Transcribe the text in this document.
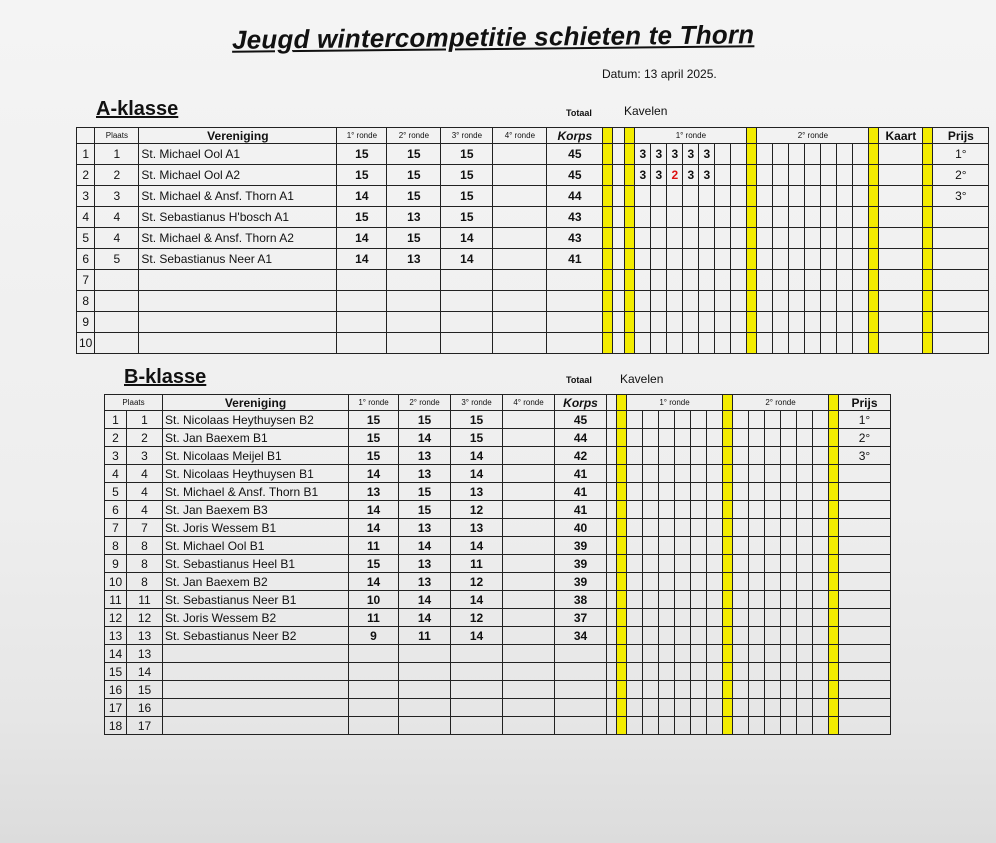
Jeugd wintercompetitie schieten te Thorn
Datum: 13 april 2025.
A-klasse	Totaal	Kavelen
	Plaats	Vereniging	1° ronde	2° ronde	3° ronde	4° ronde	Korps				1° ronde								2° ronde								Kaart		Prijs
1	1	St. Michael Ool A1	15	15	15		45				3	3	3	3	3														1°
2	2	St. Michael Ool A2	15	15	15		45				3	3	2	3	3														2°
3	3	St. Michael & Ansf. Thorn A1	14	15	15		44																						3°
4	4	St. Sebastianus H'bosch A1	15	13	15		43																						
5	4	St. Michael & Ansf. Thorn A2	14	15	14		43																						
6	5	St. Sebastianus Neer A1	14	13	14		41																						
7																													
8																													
9																													
10																													
B-klasse	Totaal Kavelen
Plaats		Vereniging	1° ronde	2° ronde	3° ronde	4° ronde	Korps			1° ronde							2° ronde							Prijs
1	1	St. Nicolaas Heythuysen B2	15	15	15		45																	1°
2	2	St. Jan Baexem B1	15	14	15		44																	2°
3	3	St. Nicolaas Meijel B1	15	13	14		42																	3°
4	4	St. Nicolaas Heythuysen B1	14	13	14		41																	
5	4	St. Michael & Ansf. Thorn B1	13	15	13		41																	
6	4	St. Jan Baexem B3	14	15	12		41																	
7	7	St. Joris Wessem B1	14	13	13		40																	
8	8	St. Michael Ool B1	11	14	14		39																	
9	8	St. Sebastianus Heel B1	15	13	11		39																	
10	8	St. Jan Baexem B2	14	13	12		39																	
11	11	St. Sebastianus Neer B1	10	14	14		38																	
12	12	St. Joris Wessem B2	11	14	12		37																	
13	13	St. Sebastianus Neer B2	9	11	14		34																	
14	13																							
15	14																							
16	15																							
17	16																							
18	17																							
